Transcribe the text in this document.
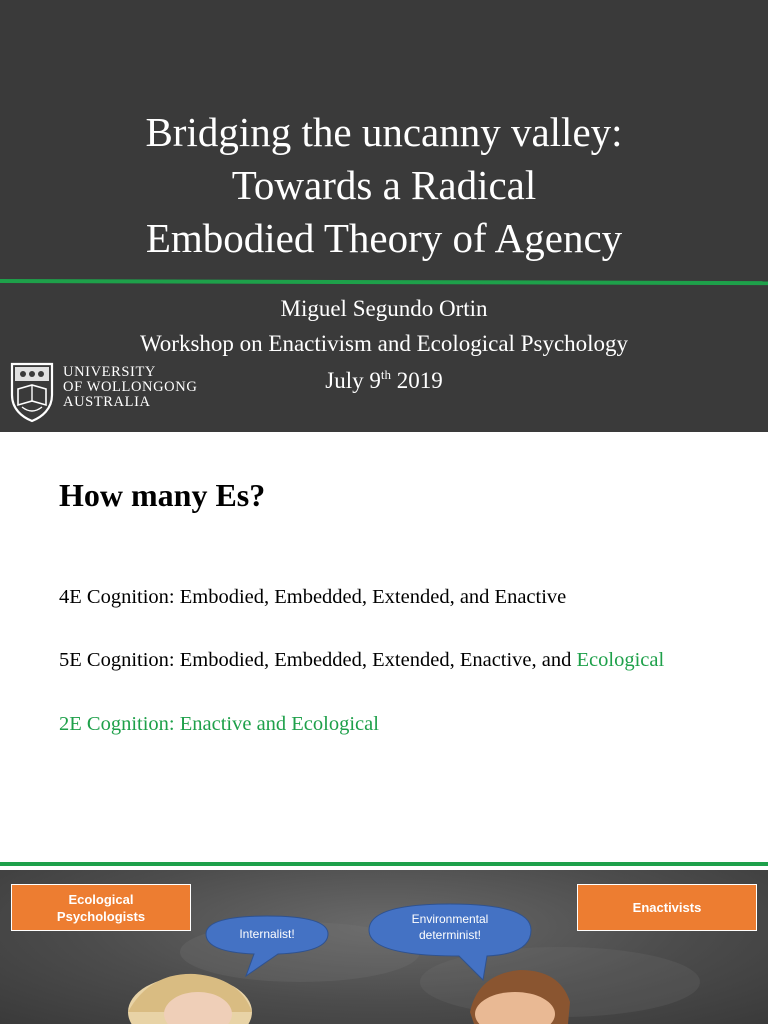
Bridging the uncanny valley:
Towards a Radical
Embodied Theory of Agency
Miguel Segundo Ortin
Workshop on Enactivism and Ecological Psychology
July 9th 2019
UNIVERSITY
OF WOLLONGONG
AUSTRALIA
How many Es?
4E Cognition: Embodied, Embedded, Extended, and Enactive
5E Cognition: Embodied, Embedded, Extended, Enactive, and Ecological
2E Cognition: Enactive and Ecological
Ecological
Psychologists
Enactivists
Internalist!
Environmental
determinist!
